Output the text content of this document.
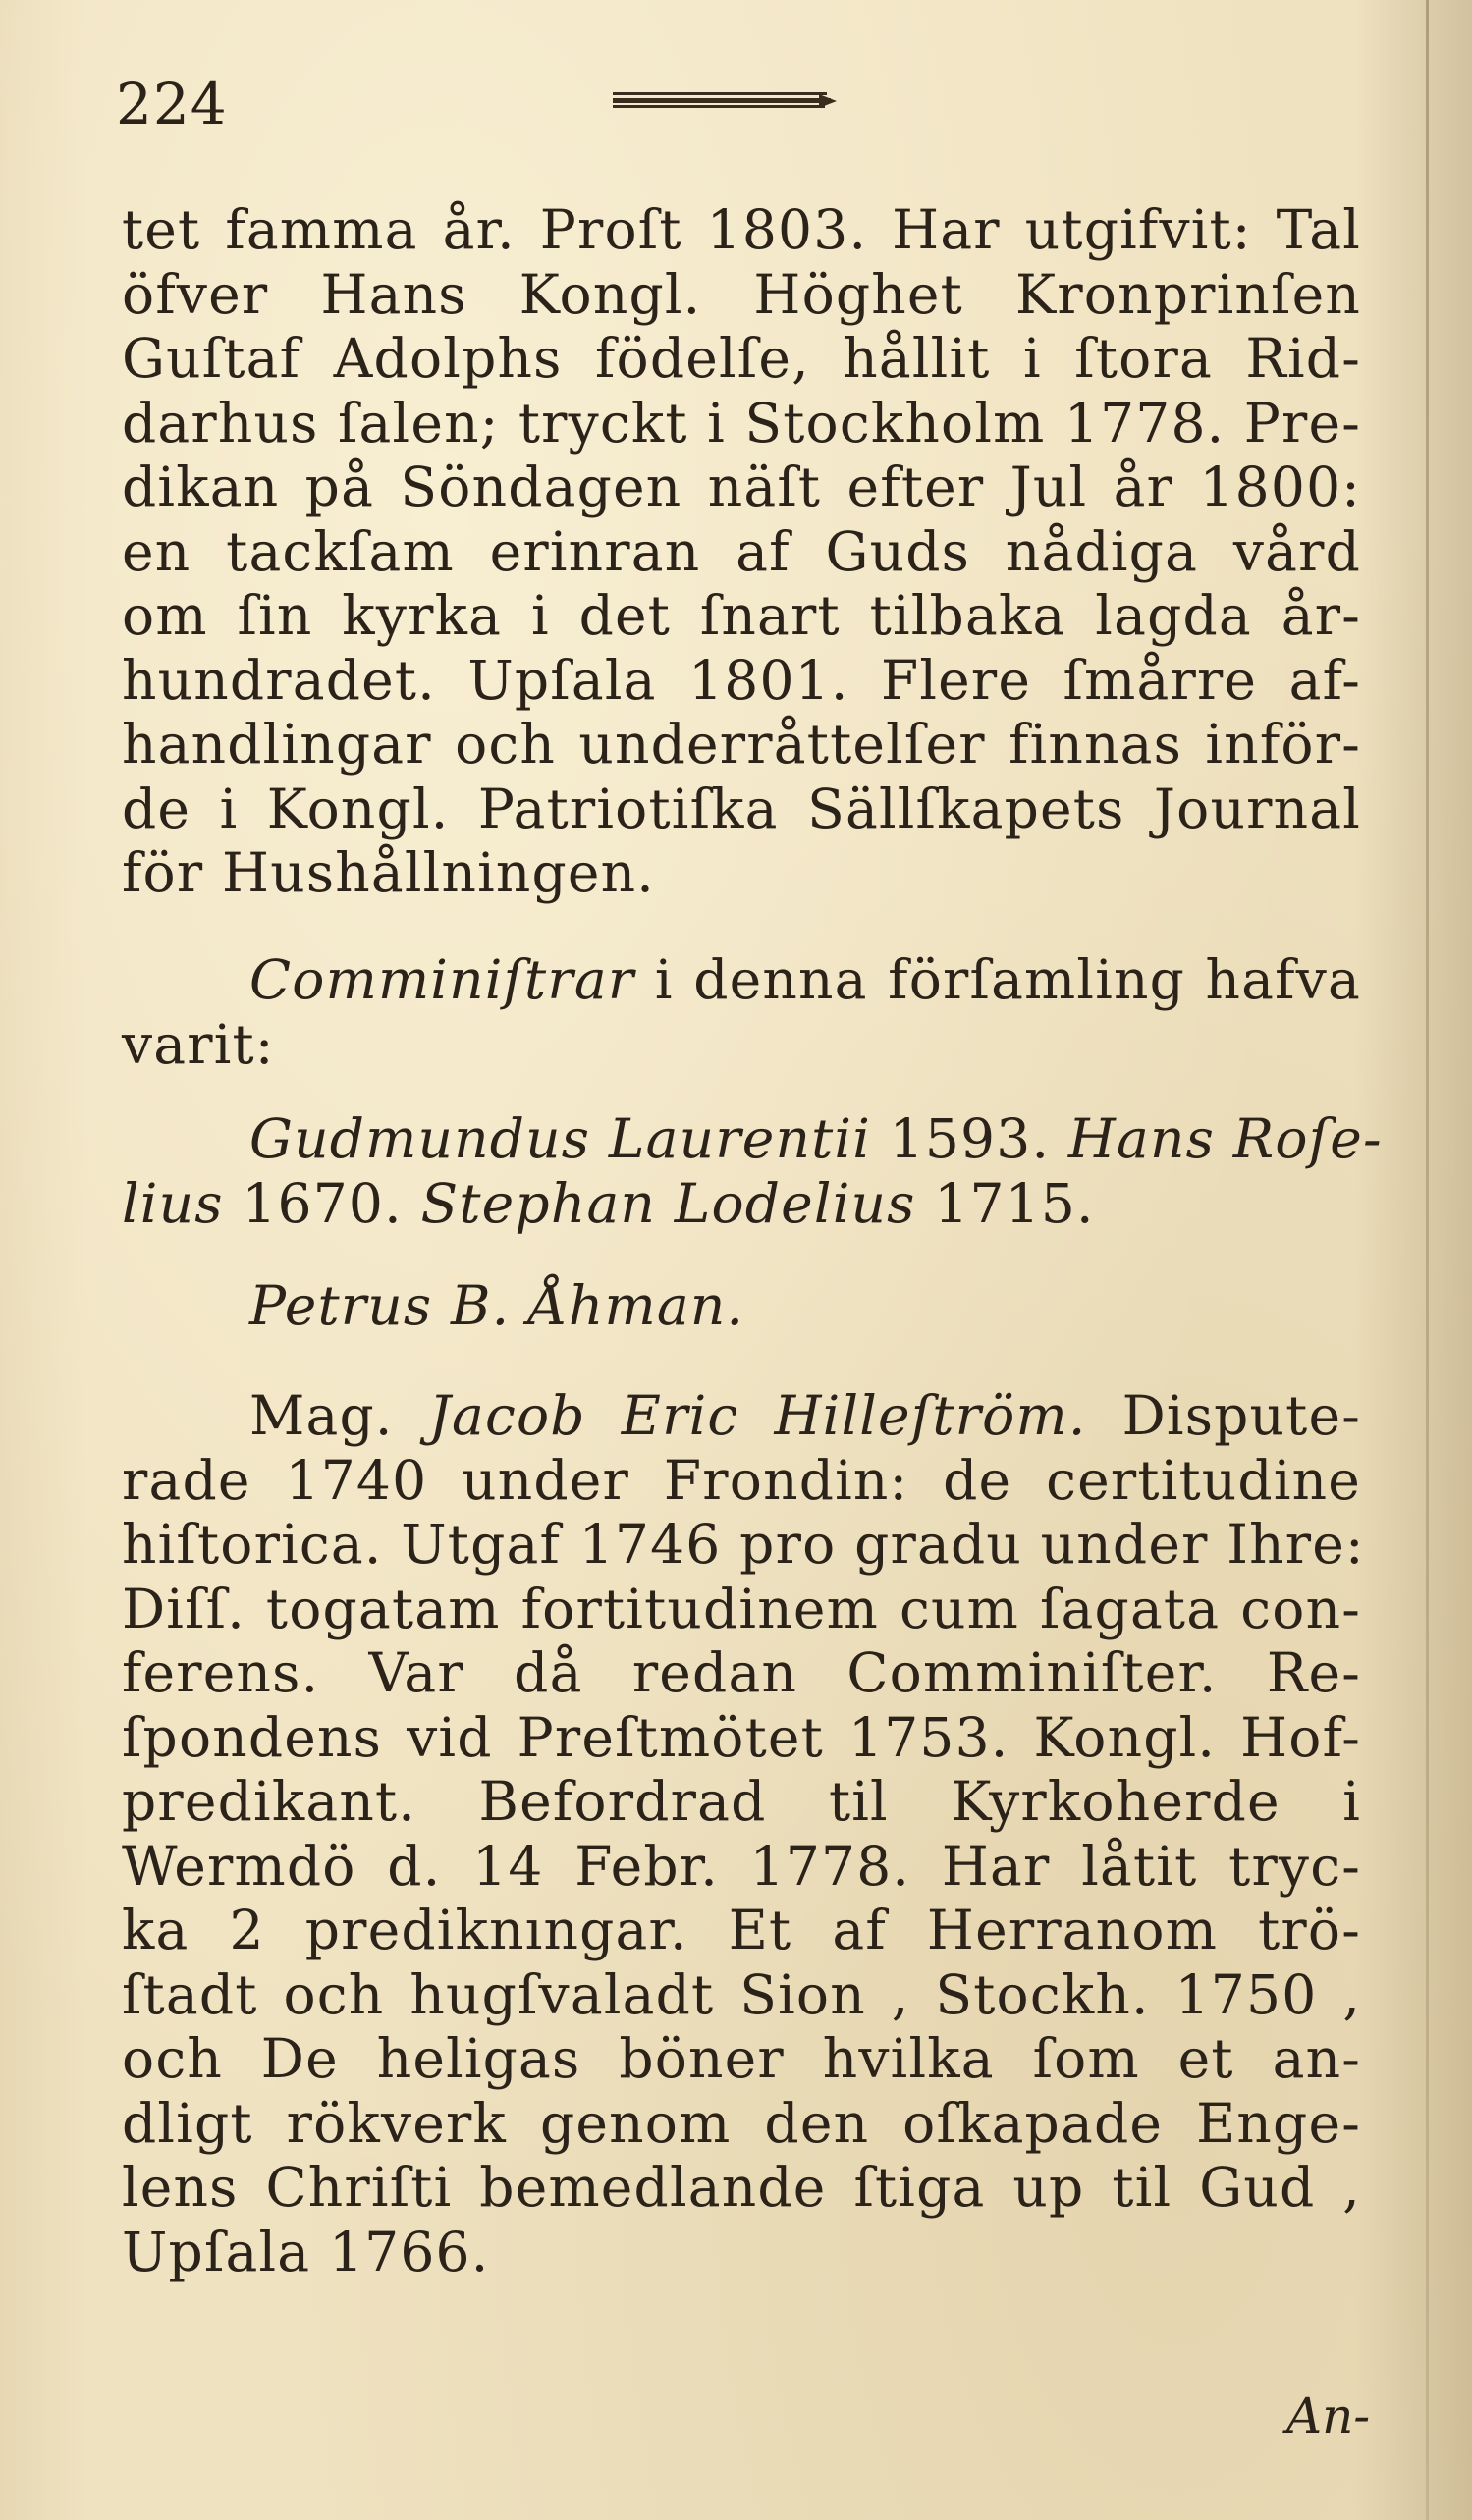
224
tet famma år. Proſt 1803. Har utgifvit: Tal
öfver Hans Kongl. Höghet Kronprinſen
Guſtaf Adolphs födelſe, hållit i ſtora Rid-
darhus ſalen; tryckt i Stockholm 1778. Pre-
dikan på Söndagen näſt efter Jul år 1800:
en tackſam erinran af Guds nådiga vård
om ſin kyrka i det ſnart tilbaka lagda år-
hundradet. Upſala 1801. Flere ſmårre af-
handlingar och underråttelſer finnas inför-
de i Kongl. Patriotiſka Sällſkapets Journal
för Hushållningen.
Comminiſtrar i denna förſamling hafva
varit:
Gudmundus Laurentii 1593. Hans Roſe-
lius 1670. Stephan Lodelius 1715.
Petrus B. Åhman.
Mag. Jacob Eric Hilleſtröm. Dispute-
rade 1740 under Frondin: de certitudine
hiſtorica. Utgaf 1746 pro gradu under Ihre:
Diſſ. togatam fortitudinem cum ſagata con-
ferens. Var då redan Comminiſter. Re-
ſpondens vid Preſtmötet 1753. Kongl. Hof-
predikant. Befordrad til Kyrkoherde i
Wermdö d. 14 Febr. 1778. Har låtit tryc-
ka 2 prediknıngar. Et af Herranom trö-
ſtadt och hugſvaladt Sion , Stockh. 1750 ,
och De heligas böner hvilka ſom et an-
dligt rökverk genom den oſkapade Enge-
lens Chriſti bemedlande ſtiga up til Gud ,
Upſala 1766.
An-
